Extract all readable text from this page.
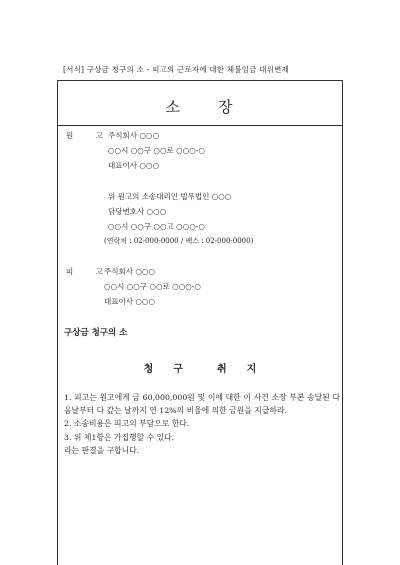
[서식] 구상금 청구의 소 - 피고의 근로자에 대한 체불임금 대위변제
소 장
원 고
주식회사 ○○○
○○시 ○○구 ○○로 ○○○-○
대표이사 ○○○
위 원고의 소송대리인 법무법인 ○○○
담당변호사 ○○○
○○시 ○○구 ○○고 ○○○-○
(연락처 : 02-000-0000 / 팩스 : 02-000-0000)
피 고
주식회사 ○○○
○○시 ○○구 ○○로 ○○○-○
대표이사 ○○○
구상금 청구의 소
청 구	취 지

1. 피고는 원고에게 금 60,000,000원 및 이에 대한 이 사건 소장 부본 송달된 다음날부터 다 갚는 날까지 연 12%의 비율에 의한 금원을 지급하라.

2. 소송비용은 피고의 부담으로 한다.

3. 위 제1항은 가집행할 수 있다.

라는 판결을 구합니다.
